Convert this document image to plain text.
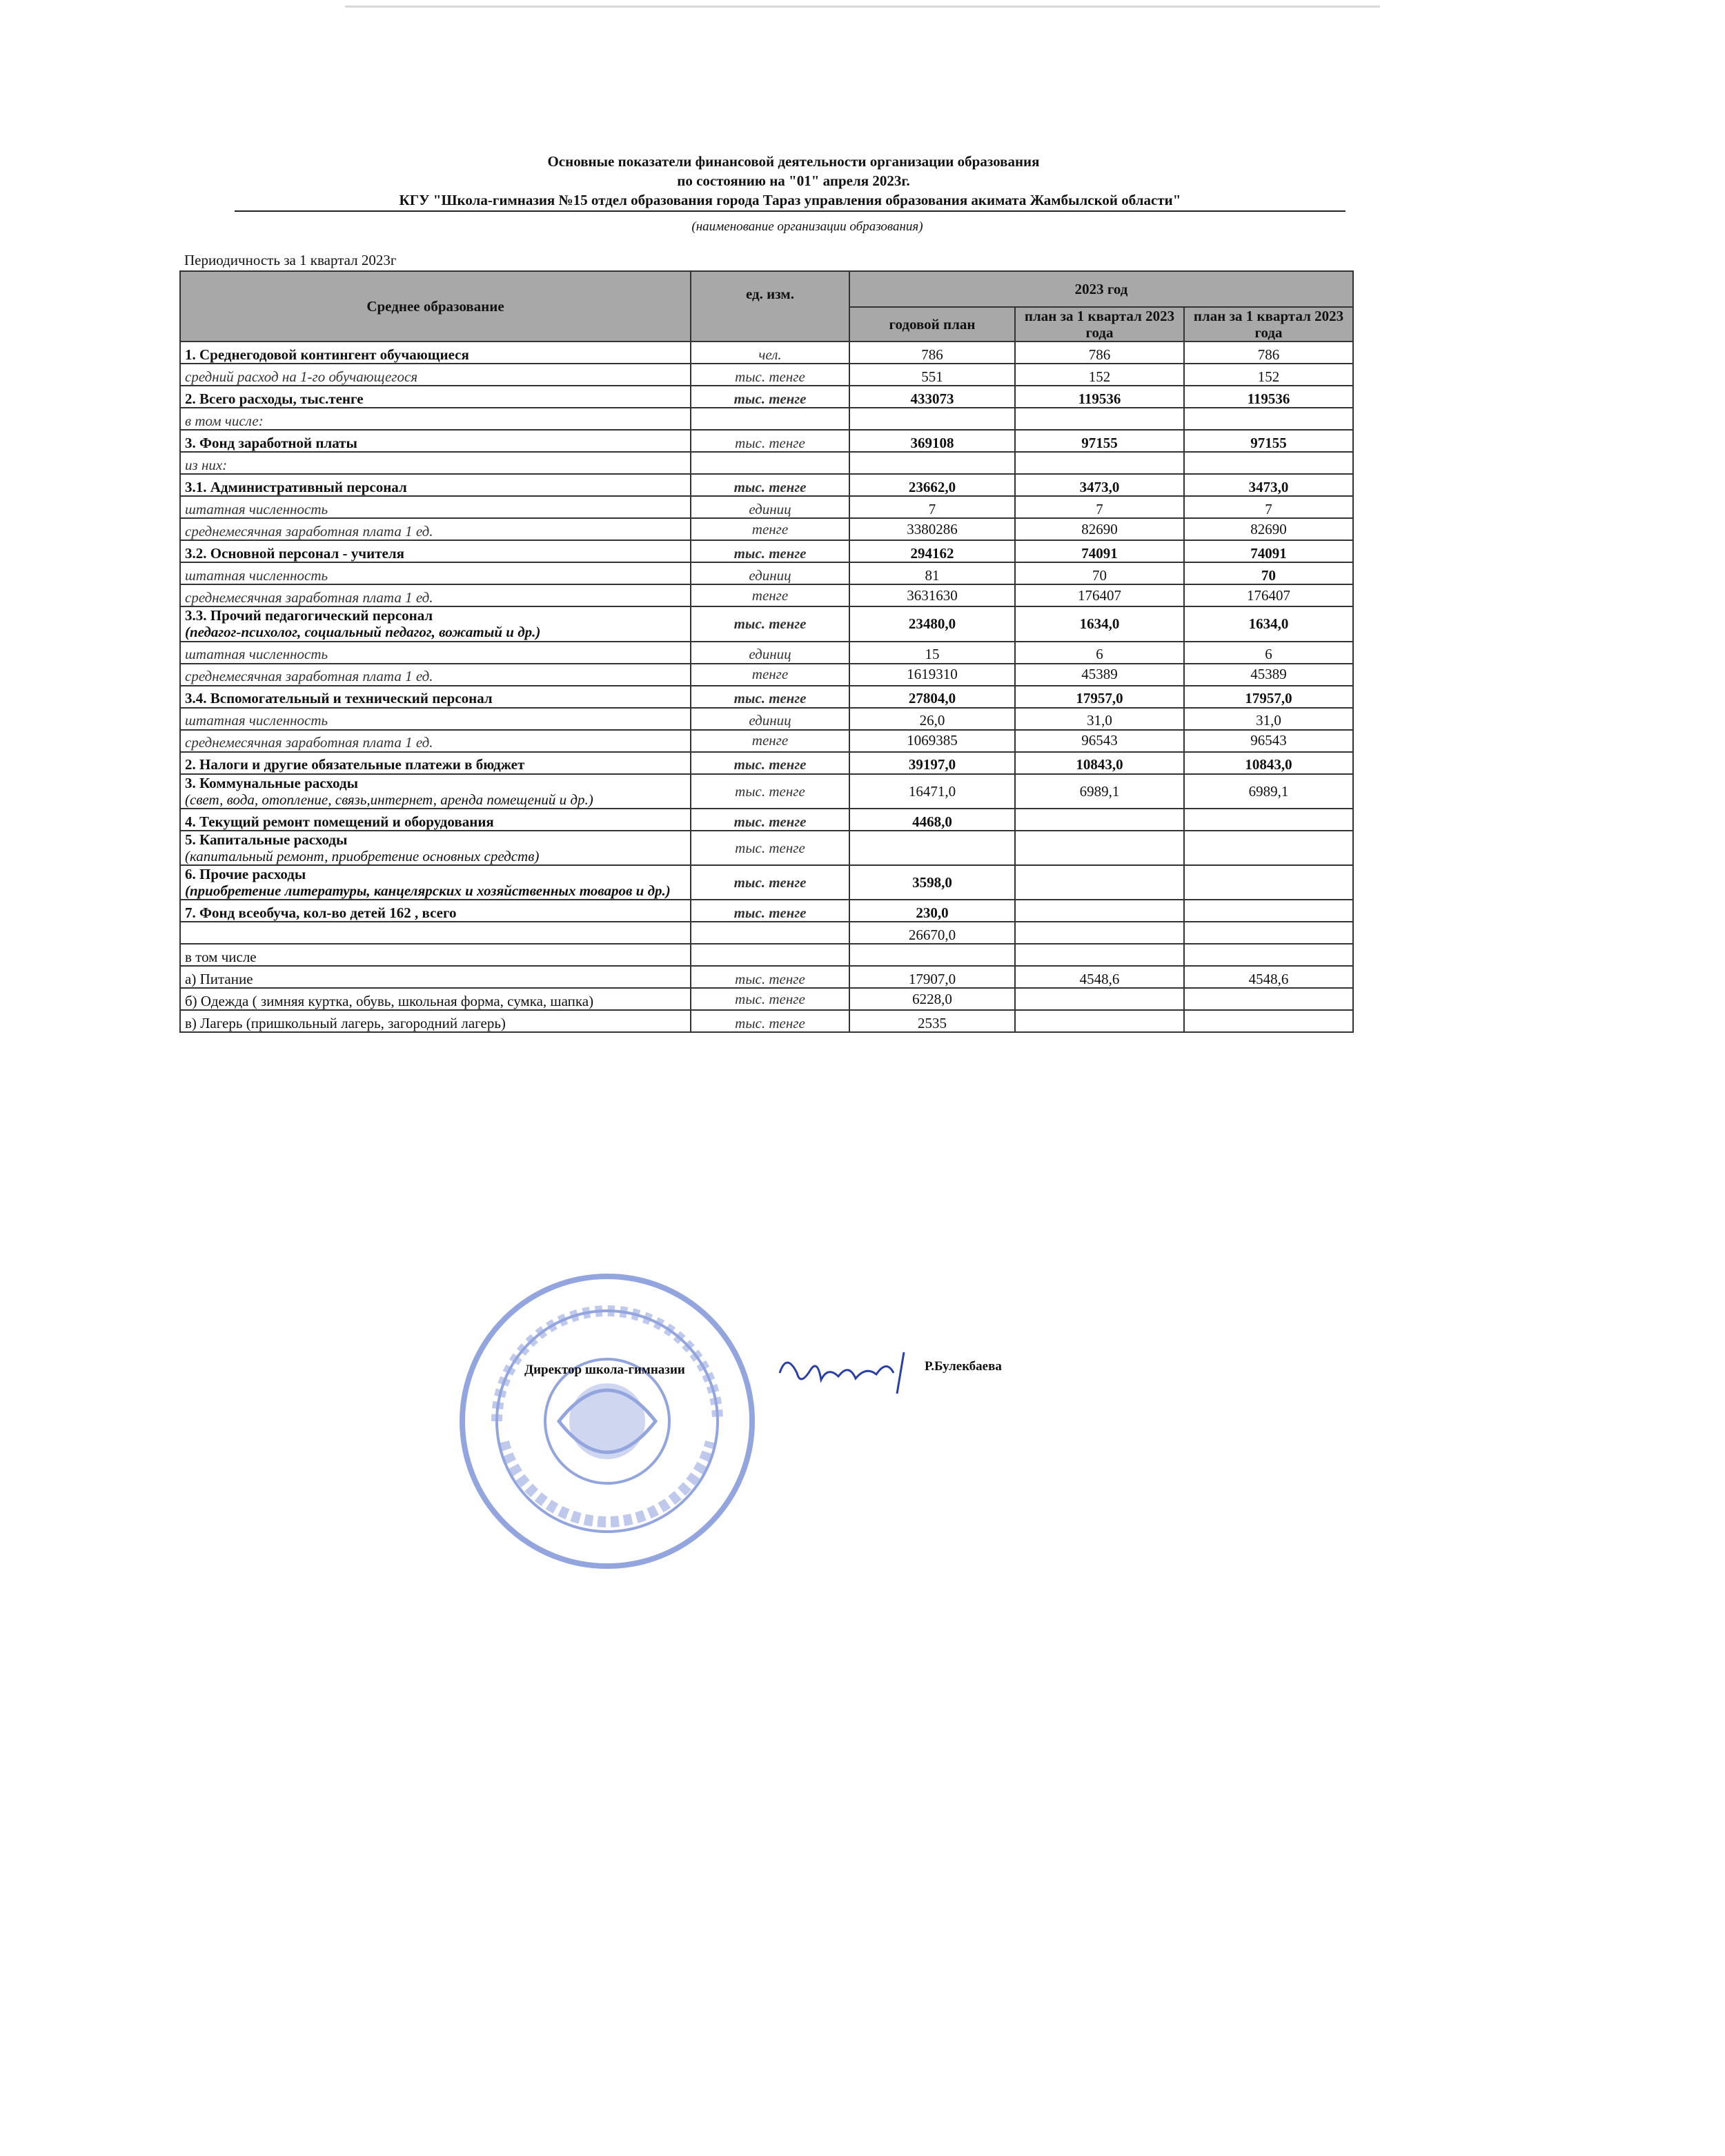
Основные показатели финансовой деятельности организации образования
по состоянию на "01" апреля 2023г.
КГУ "Школа-гимназия №15 отдел образования города Тараз управления образования акимата Жамбылской области"
(наименование организации образования)
Периодичность за 1 квартал 2023г				
Среднее образование	ед. изм.	2023 год		
		годовой план	план за 1 квартал 2023 года	план за 1 квартал 2023 года

1. Среднегодовой контингент обучающиеся	чел.	786	786	786
средний расход на 1-го обучающегося	тыс. тенге	551	152	152
2. Всего расходы, тыс.тенге	тыс. тенге	433073	119536	119536
в том числе:				
3. Фонд заработной платы	тыс. тенге	369108	97155	97155
из них:				
3.1. Административный персонал	тыс. тенге	23662,0	3473,0	3473,0
штатная численность	единиц	7	7	7
среднемесячная заработная плата 1 ед.	тенге	3380286	82690	82690
3.2. Основной персонал - учителя	тыс. тенге	294162	74091	74091
штатная численность	единиц	81	70	70
среднемесячная заработная плата 1 ед.	тенге	3631630	176407	176407

3.3. Прочий педагогический персонал
(педагог-психолог, социальный педагог, вожатый и др.)	тыс. тенге	23480,0	1634,0	1634,0
штатная численность	единиц	15	6	6
среднемесячная заработная плата 1 ед.	тенге	1619310	45389	45389
3.4. Вспомогательный и технический персонал	тыс. тенге	27804,0	17957,0	17957,0
штатная численность	единиц	26,0	31,0	31,0
среднемесячная заработная плата 1 ед.	тенге	1069385	96543	96543
2. Налоги и другие обязательные платежи в бюджет	тыс. тенге	39197,0	10843,0	10843,0

3. Коммунальные расходы
(свет, вода, отопление, связь,интернет, аренда помещений и др.)	тыс. тенге	16471,0	6989,1	6989,1
4. Текущий ремонт помещений и оборудования	тыс. тенге	4468,0		

5. Капитальные расходы
(капитальный ремонт, приобретение основных средств)	тыс. тенге			

6. Прочие расходы
(приобретение литературы, канцелярских и хозяйственных товаров и др.)	тыс. тенге	3598,0		
7. Фонд всеобуча, кол-во детей 162 , всего	тыс. тенге	230,0		
		26670,0		
в том числе				
а) Питание	тыс. тенге	17907,0	4548,6	4548,6
б) Одежда ( зимняя куртка, обувь, школьная форма, сумка, шапка)	тыс. тенге	6228,0		
в) Лагерь (пришкольный лагерь, загородний лагерь)	тыс. тенге	2535		
Директор школа-гимназии	Р.Булекбаева
